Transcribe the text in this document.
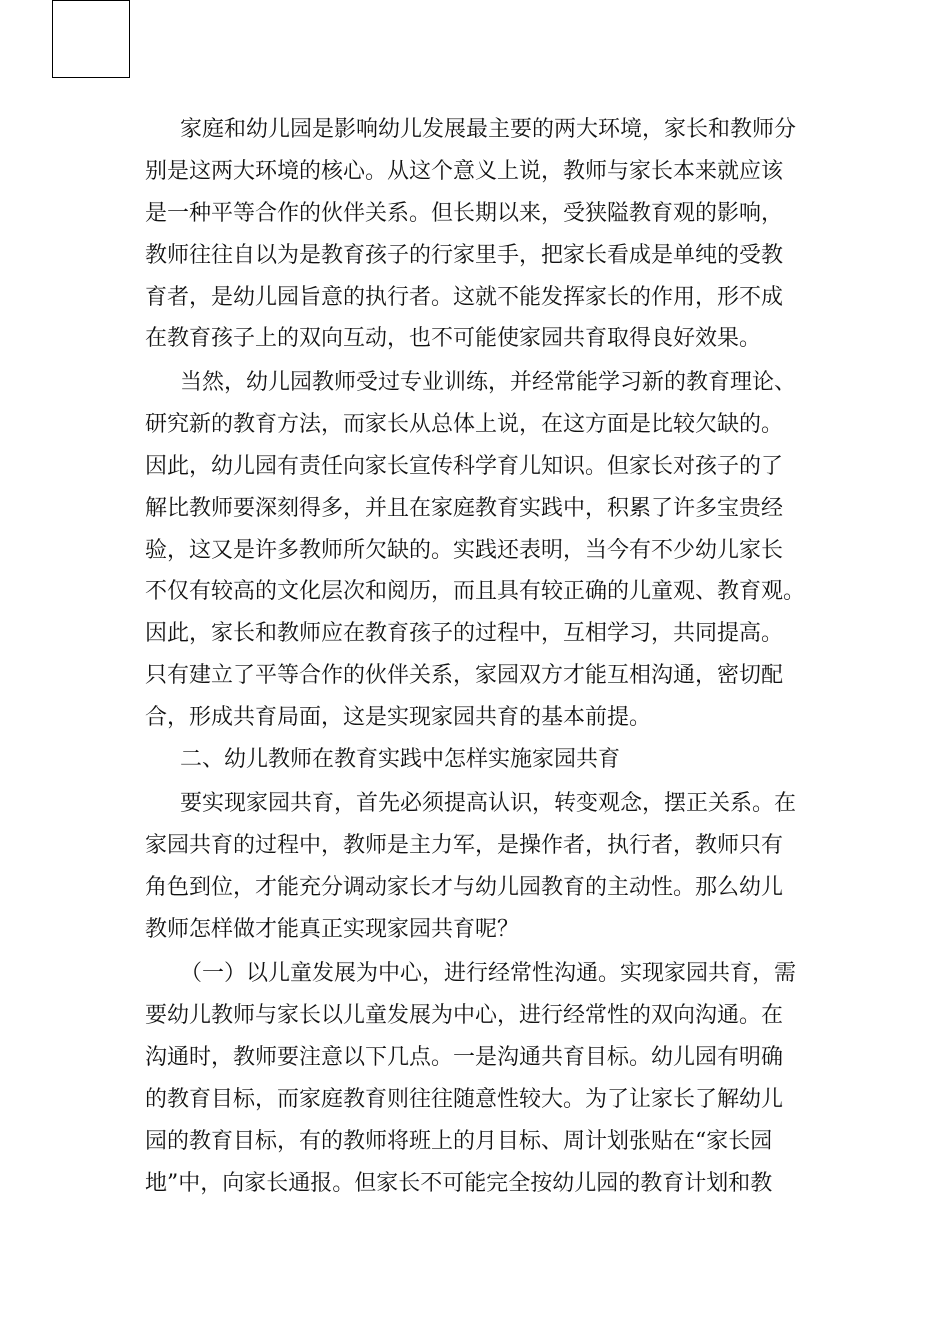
家庭和幼儿园是影响幼儿发展最主要的两大环境，家长和教师分
别是这两大环境的核心。从这个意义上说，教师与家长本来就应该
是一种平等合作的伙伴关系。但长期以来，受狭隘教育观的影响，
教师往往自以为是教育孩子的行家里手，把家长看成是单纯的受教
育者，是幼儿园旨意的执行者。这就不能发挥家长的作用，形不成
在教育孩子上的双向互动，也不可能使家园共育取得良好效果。
当然，幼儿园教师受过专业训练，并经常能学习新的教育理论、
研究新的教育方法，而家长从总体上说，在这方面是比较欠缺的。
因此，幼儿园有责任向家长宣传科学育儿知识。但家长对孩子的了
解比教师要深刻得多，并且在家庭教育实践中，积累了许多宝贵经
验，这又是许多教师所欠缺的。实践还表明，当今有不少幼儿家长
不仅有较高的文化层次和阅历，而且具有较正确的儿童观、教育观。
因此，家长和教师应在教育孩子的过程中，互相学习，共同提高。
只有建立了平等合作的伙伴关系，家园双方才能互相沟通，密切配
合，形成共育局面，这是实现家园共育的基本前提。
二、幼儿教师在教育实践中怎样实施家园共育
要实现家园共育，首先必须提高认识，转变观念，摆正关系。在
家园共育的过程中，教师是主力军，是操作者，执行者，教师只有
角色到位，才能充分调动家长才与幼儿园教育的主动性。那么幼儿
教师怎样做才能真正实现家园共育呢？
（一）以儿童发展为中心，进行经常性沟通。实现家园共育，需
要幼儿教师与家长以儿童发展为中心，进行经常性的双向沟通。在
沟通时，教师要注意以下几点。一是沟通共育目标。幼儿园有明确
的教育目标，而家庭教育则往往随意性较大。为了让家长了解幼儿
园的教育目标，有的教师将班上的月目标、周计划张贴在“家长园
地”中，向家长通报。但家长不可能完全按幼儿园的教育计划和教
